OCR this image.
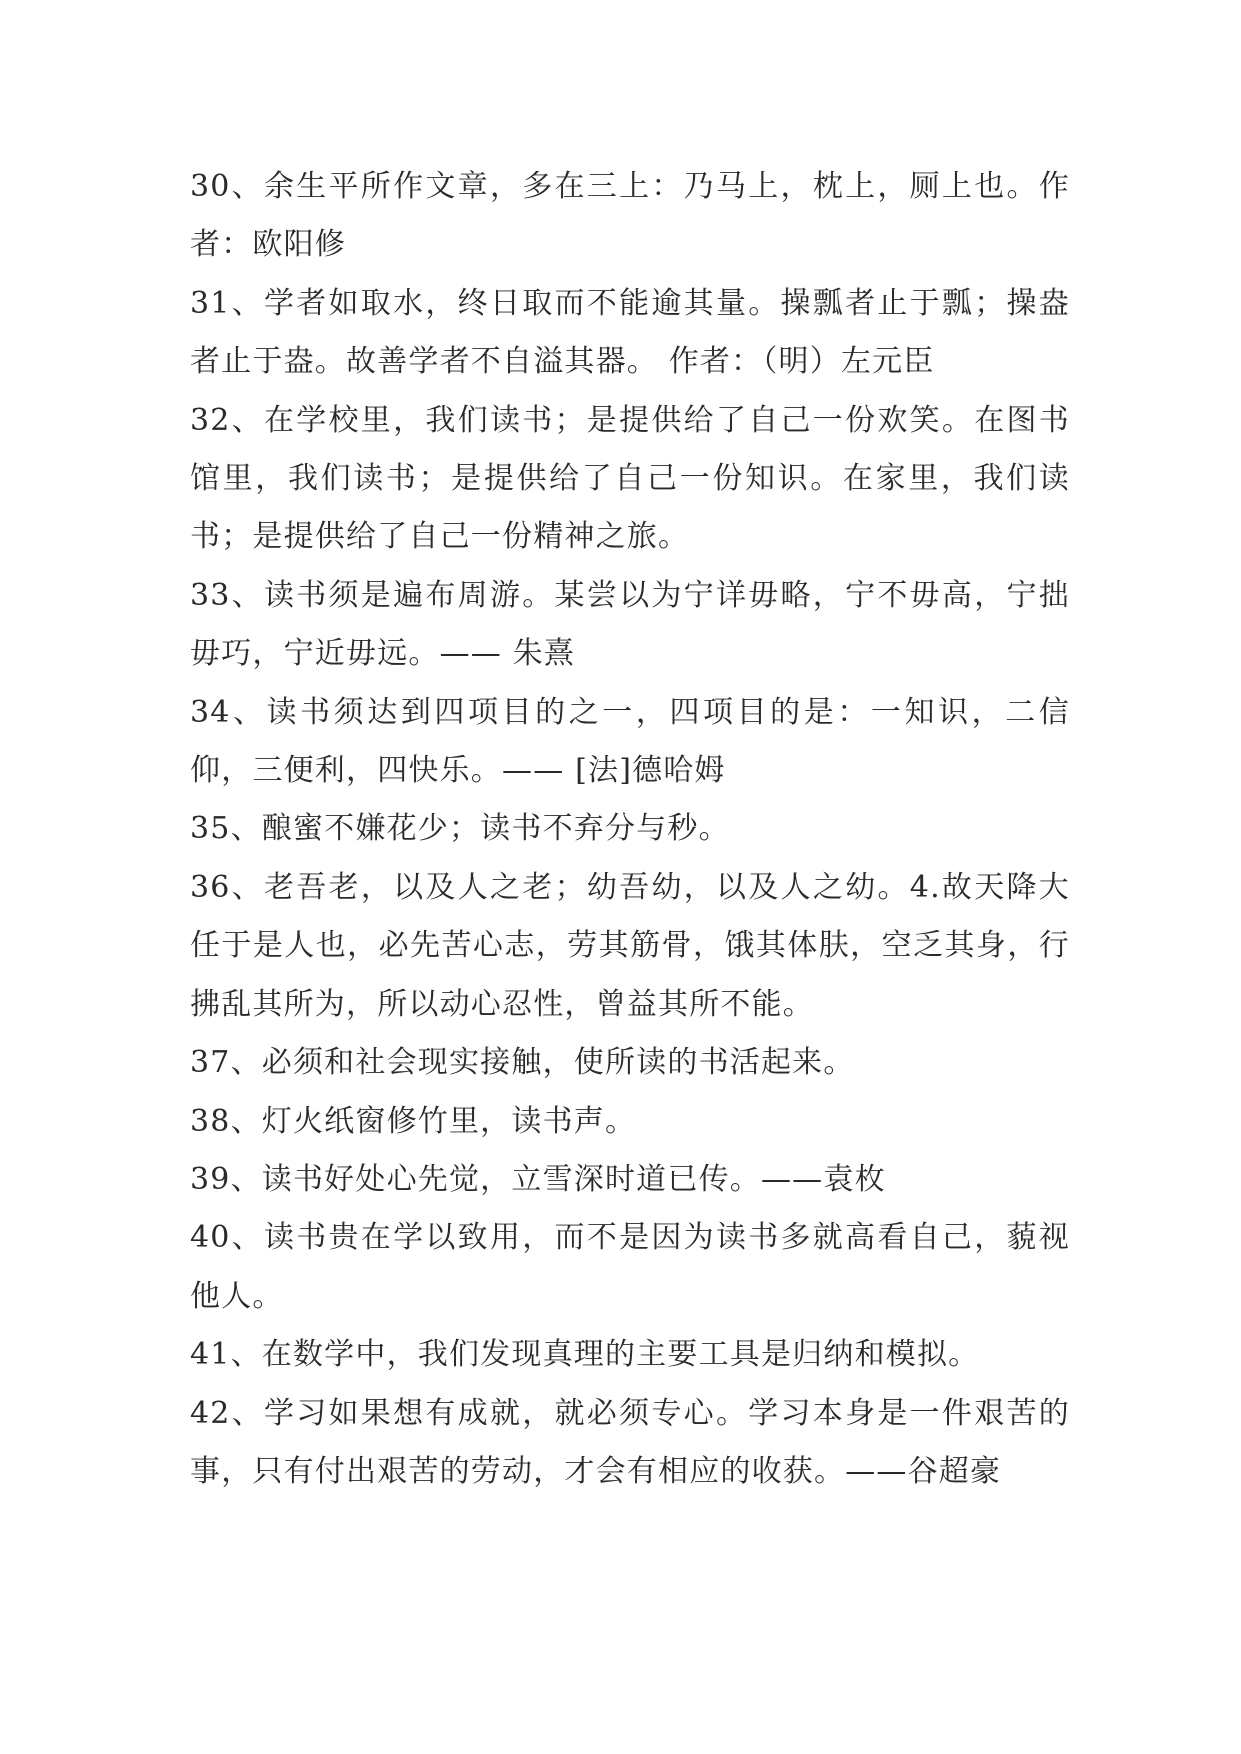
30、余生平所作文章，多在三上：乃马上，枕上，厕上也。作者：欧阳修

31、学者如取水，终日取而不能逾其量。操瓢者止于瓢；操盎者止于盎。故善学者不自溢其器。 作者：（明）左元臣

32、在学校里，我们读书；是提供给了自己一份欢笑。在图书馆里，我们读书；是提供给了自己一份知识。在家里，我们读书；是提供给了自己一份精神之旅。

33、读书须是遍布周游。某尝以为宁详毋略，宁不毋高，宁拙毋巧，宁近毋远。—— 朱熹

34、读书须达到四项目的之一，四项目的是：一知识，二信仰，三便利，四快乐。—— [法]德哈姆

35、酿蜜不嫌花少；读书不弃分与秒。

36、老吾老，以及人之老；幼吾幼，以及人之幼。4.故天降大任于是人也，必先苦心志，劳其筋骨，饿其体肤，空乏其身，行拂乱其所为，所以动心忍性，曾益其所不能。

37、必须和社会现实接触，使所读的书活起来。

38、灯火纸窗修竹里，读书声。

39、读书好处心先觉，立雪深时道已传。——袁枚

40、读书贵在学以致用，而不是因为读书多就高看自己，藐视他人。

41、在数学中，我们发现真理的主要工具是归纳和模拟。

42、学习如果想有成就，就必须专心。学习本身是一件艰苦的事，只有付出艰苦的劳动，才会有相应的收获。——谷超豪
